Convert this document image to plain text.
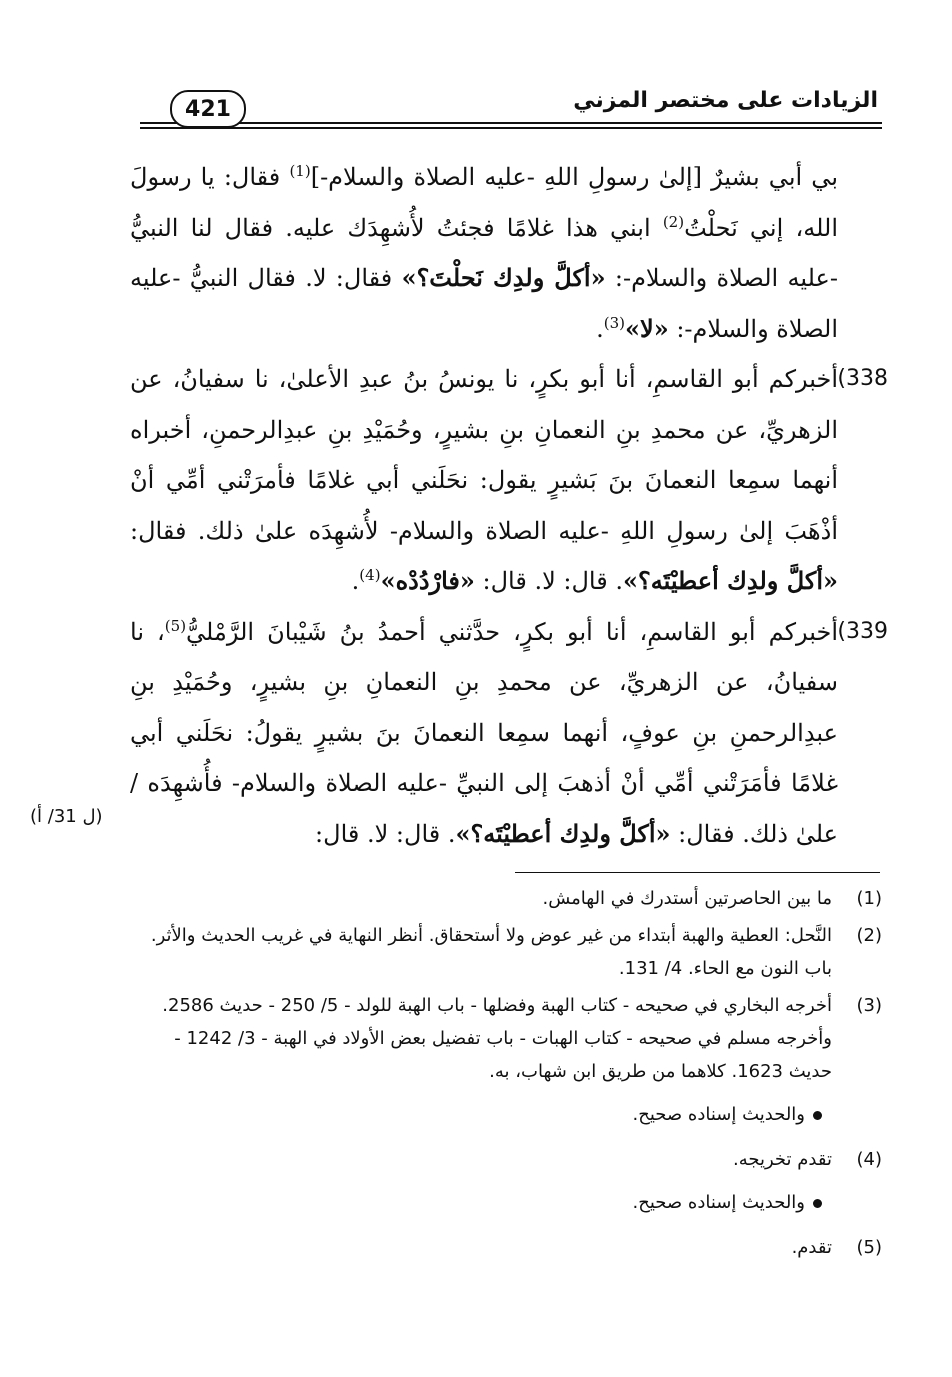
421	الزيادات على مختصر المزني

بي أبي بشيرٌ [إلىٰ رسولِ اللهِ -عليه الصلاة والسلام-]$^{(1)}$ فقال: يا رسولَ الله، إني نَحلْتُ$^{(2)}$ ابني هذا غلامًا فجئتُ لأُشهِدَك عليه. فقال لنا النبيُّ -عليه الصلاة والسلام-: «أكلَّ ولدِك نَحلْتَ؟» فقال: لا. فقال النبيُّ -عليه الصلاة والسلام-: «لا»$^{(3)}$.

338)
أخبركم أبو القاسمِ، أنا أبو بكرٍ، نا يونسُ بنُ عبدِ الأعلىٰ، نا سفيانُ، عن الزهريِّ، عن محمدِ بنِ النعمانِ بنِ بشيرٍ، وحُمَيْدِ بنِ عبدِالرحمنِ، أخبراه أنهما سمِعا النعمانَ بنَ بَشيرٍ يقول: نحَلَني أبي غلامًا فأمرَتْني أمِّي أنْ أذْهَبَ إلىٰ رسولِ اللهِ -عليه الصلاة والسلام- لأُشهِدَه علىٰ ذلك. فقال: «أكلَّ ولدِك أعطيْتَه؟». قال: لا. قال: «فارْدُدْه»$^{(4)}$.

339)
أخبركم أبو القاسمِ، أنا أبو بكرٍ، حدَّثني أحمدُ بنُ شَيْبانَ الرَّمْليُّ$^{(5)}$، نا سفيانُ، عن الزهريِّ، عن محمدِ بنِ النعمانِ بنِ بشيرٍ، وحُمَيْدِ بنِ عبدِالرحمنِ بنِ عوفٍ، أنهما سمِعا النعمانَ بنَ بشيرٍ يقولُ: نحَلَني أبي غلامًا فأمَرَتْني أمِّي أنْ أذهبَ إلى النبيِّ -عليه الصلاة والسلام- فأُشهِدَه / علىٰ ذلك. فقال: «أكلَّ ولدِك أعطيْتَه؟». قال: لا. قال:

(ل 31/ أ)

(1)
ما بين الحاصرتين أستدرك في الهامش.

(2)
النَّحل: العطية والهبة أبتداء من غير عوض ولا أستحقاق. أنظر النهاية في غريب الحديث والأثر. باب النون مع الحاء. 4/ 131.

(3)
أخرجه البخاري في صحيحه - كتاب الهبة وفضلها - باب الهبة للولد - 5/ 250 - حديث 2586. وأخرجه مسلم في صحيحه - كتاب الهبات - باب تفضيل بعض الأولاد في الهبة - 3/ 1242 - حديث 1623. كلاهما من طريق ابن شهاب، به.

والحديث إسناده صحيح.

(4)
تقدم تخريجه.

والحديث إسناده صحيح.

(5)
تقدم.
